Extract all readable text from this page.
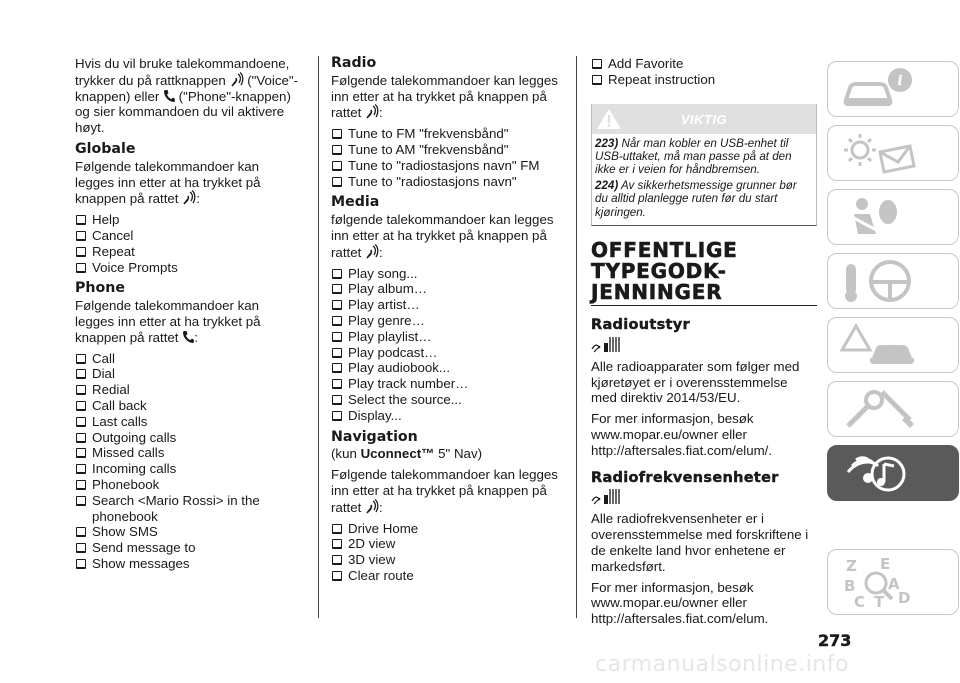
Hvis du vil bruke talekommandoene, trykker du på rattknappen  ("Voice"-knappen) eller  ("Phone"-knappen) og sier kommandoen du vil aktivere høyt.

Globale

Følgende talekommandoer kan legges inn etter at ha trykket på knappen på rattet :

Help
Cancel
Repeat
Voice Prompts
Phone

Følgende talekommandoer kan legges inn etter at ha trykket på knappen på rattet :

Call
Dial
Redial
Call back
Last calls
Outgoing calls
Missed calls
Incoming calls
Phonebook
Search <Mario Rossi> in the phonebook
Show SMS
Send message to
Show messages
Radio

Følgende talekommandoer kan legges inn etter at ha trykket på knappen på rattet :

Tune to FM "frekvensbånd"
Tune to AM "frekvensbånd"
Tune to "radiostasjons navn" FM
Tune to "radiostasjons navn"
Media

følgende talekommandoer kan legges inn etter at ha trykket på knappen på rattet :

Play song...
Play album…
Play artist…
Play genre…
Play playlist…
Play podcast…
Play audiobook...
Play track number…
Select the source...
Display...
Navigation

(kun Uconnect™ 5" Nav)

Følgende talekommandoer kan legges inn etter at ha trykket på knappen på rattet :

Drive Home
2D view
3D view
Clear route
Add Favorite
Repeat instruction
VIKTIG

223) Når man kobler en USB-enhet til USB-uttaket, må man passe på at den ikke er i veien for håndbremsen.

224) Av sikkerhetsmessige grunner bør du alltid planlegge ruten før du start kjøringen.

OFFENTLIGE TYPEGODK-JENNINGER
Radioutstyr

Alle radioapparater som følger med kjøretøyet er i overensstemmelse med direktiv 2014/53/EU.

For mer informasjon, besøk www.mopar.eu/owner eller http://aftersales.fiat.com/elum/.

Radiofrekvensenheter

Alle radiofrekvensenheter er i overensstemmelse med forskriftene i de enkelte land hvor enhetene er markedsført.

For mer informasjon, besøk www.mopar.eu/owner eller http://aftersales.fiat.com/elum.

273
i
Z E
B A
C T D
carmanualsonline.info
